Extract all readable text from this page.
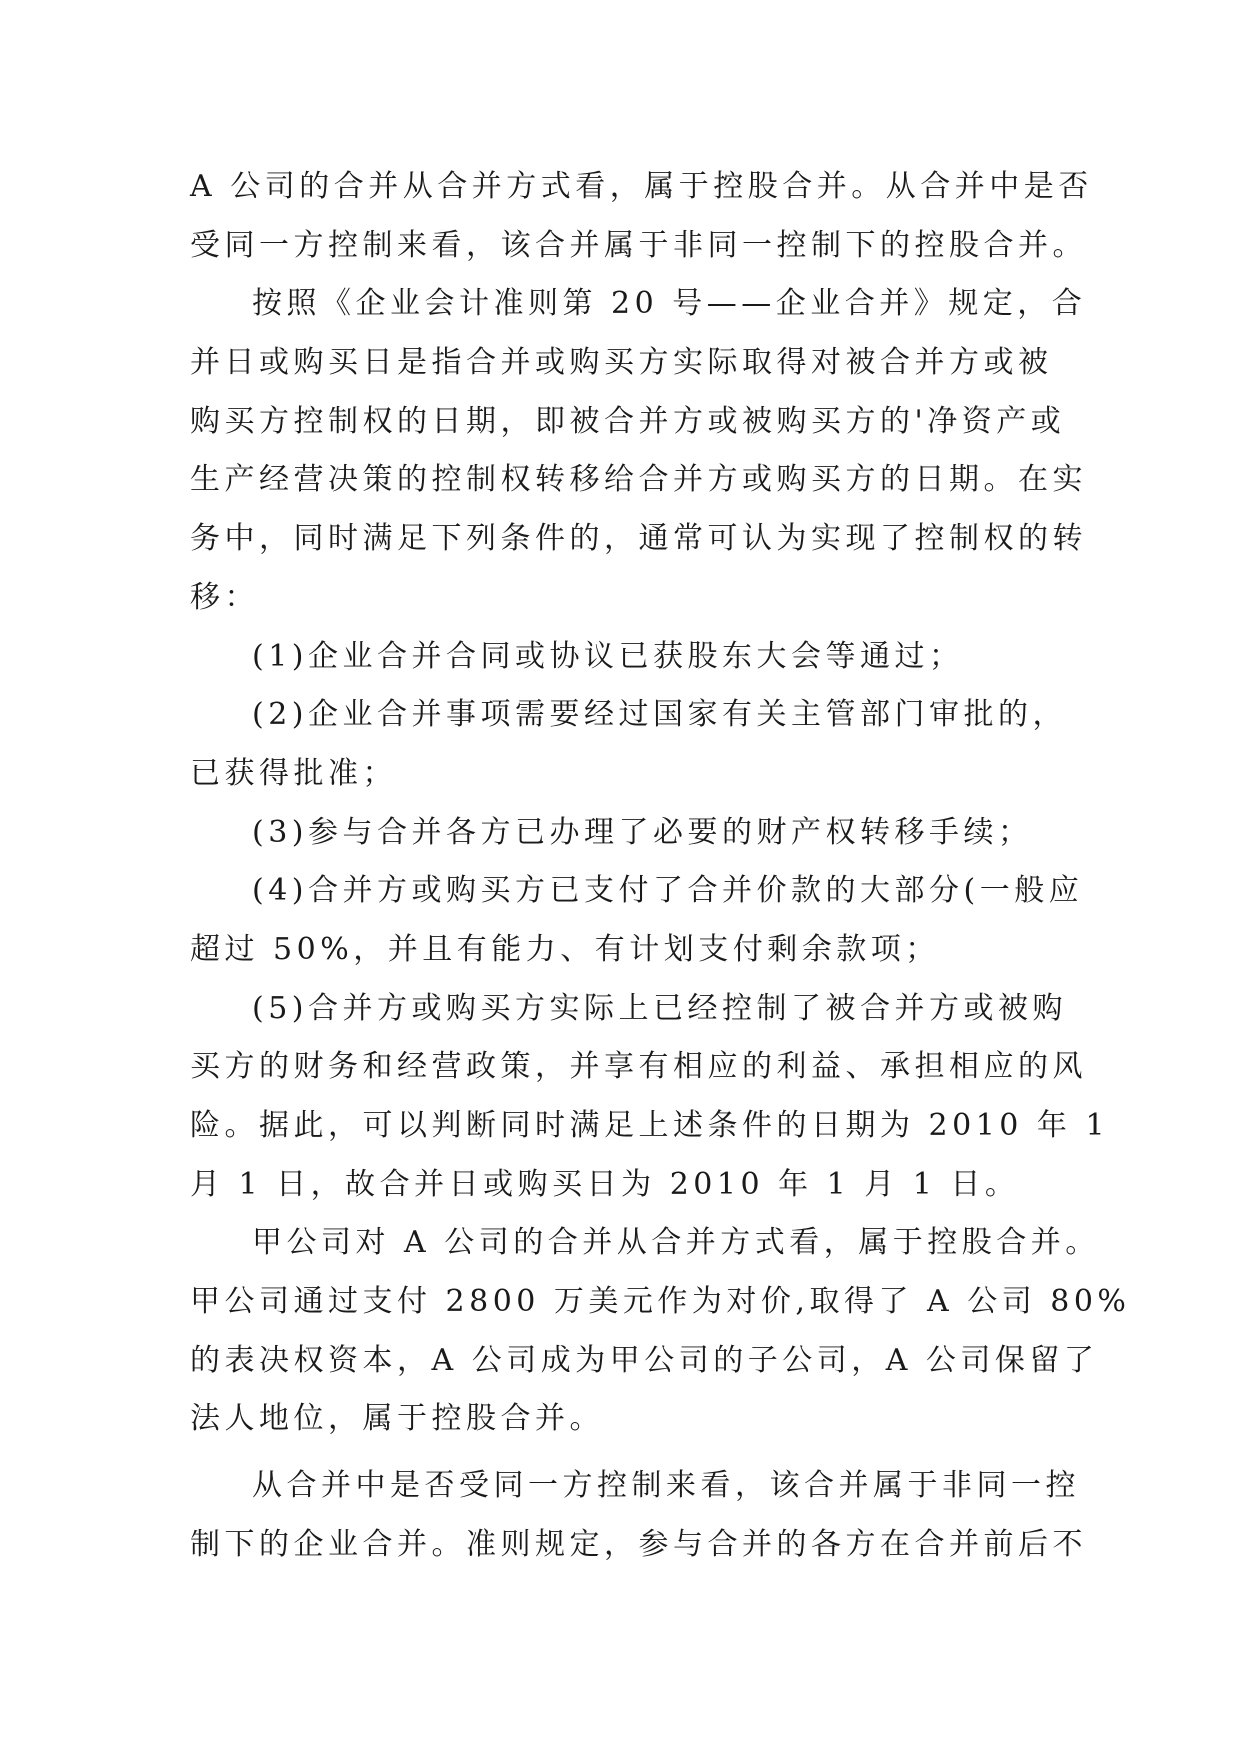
A 公司的合并从合并方式看，属于控股合并。从合并中是否
受同一方控制来看，该合并属于非同一控制下的控股合并。
按照《企业会计准则第 20 号——企业合并》规定，合
并日或购买日是指合并或购买方实际取得对被合并方或被
购买方控制权的日期，即被合并方或被购买方的'净资产或
生产经营决策的控制权转移给合并方或购买方的日期。在实
务中，同时满足下列条件的，通常可认为实现了控制权的转
移：
(1)企业合并合同或协议已获股东大会等通过；
(2)企业合并事项需要经过国家有关主管部门审批的，
已获得批准；
(3)参与合并各方已办理了必要的财产权转移手续；
(4)合并方或购买方已支付了合并价款的大部分(一般应
超过 50%，并且有能力、有计划支付剩余款项；
(5)合并方或购买方实际上已经控制了被合并方或被购
买方的财务和经营政策，并享有相应的利益、承担相应的风
险。据此，可以判断同时满足上述条件的日期为 2010 年 1
月 1 日，故合并日或购买日为 2010 年 1 月 1 日。
甲公司对 A 公司的合并从合并方式看，属于控股合并。
甲公司通过支付 2800 万美元作为对价,取得了 A 公司 80%
的表决权资本，A 公司成为甲公司的子公司，A 公司保留了
法人地位，属于控股合并。
从合并中是否受同一方控制来看，该合并属于非同一控
制下的企业合并。准则规定，参与合并的各方在合并前后不
